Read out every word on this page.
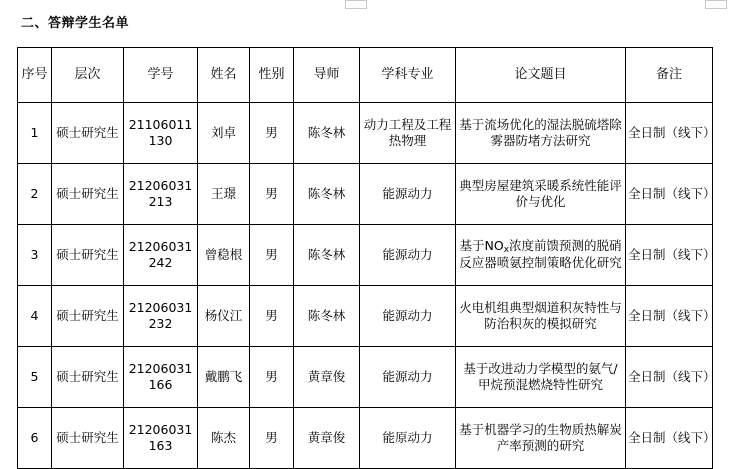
二、答辩学生名单
序号	层次	学号	姓名	性别	导师	学科专业	论文题目	备注
1	硕士研究生	21106011130	刘卓	男	陈冬林	动力工程及工程热物理	基于流场优化的湿法脱硫塔除雾器防堵方法研究	全日制（线下）
2	硕士研究生	21206031213	王璟	男	陈冬林	能源动力	典型房屋建筑采暖系统性能评价与优化	全日制（线下）
3	硕士研究生	21206031242	曾稳根	男	陈冬林	能源动力	基于$NO_x$浓度前馈预测的脱硝反应器喷氨控制策略优化研究	全日制（线下）
4	硕士研究生	21206031232	杨仪江	男	陈冬林	能源动力	火电机组典型烟道积灰特性与防治积灰的模拟研究	全日制（线下）
5	硕士研究生	21206031166	戴鹏飞	男	黄章俊	能源动力	基于改进动力学模型的氨气/甲烷预混燃烧特性研究	全日制（线下）
6	硕士研究生	21206031163	陈杰	男	黄章俊	能原动力	基于机器学习的生物质热解炭产率预测的研究	全日制（线下）
